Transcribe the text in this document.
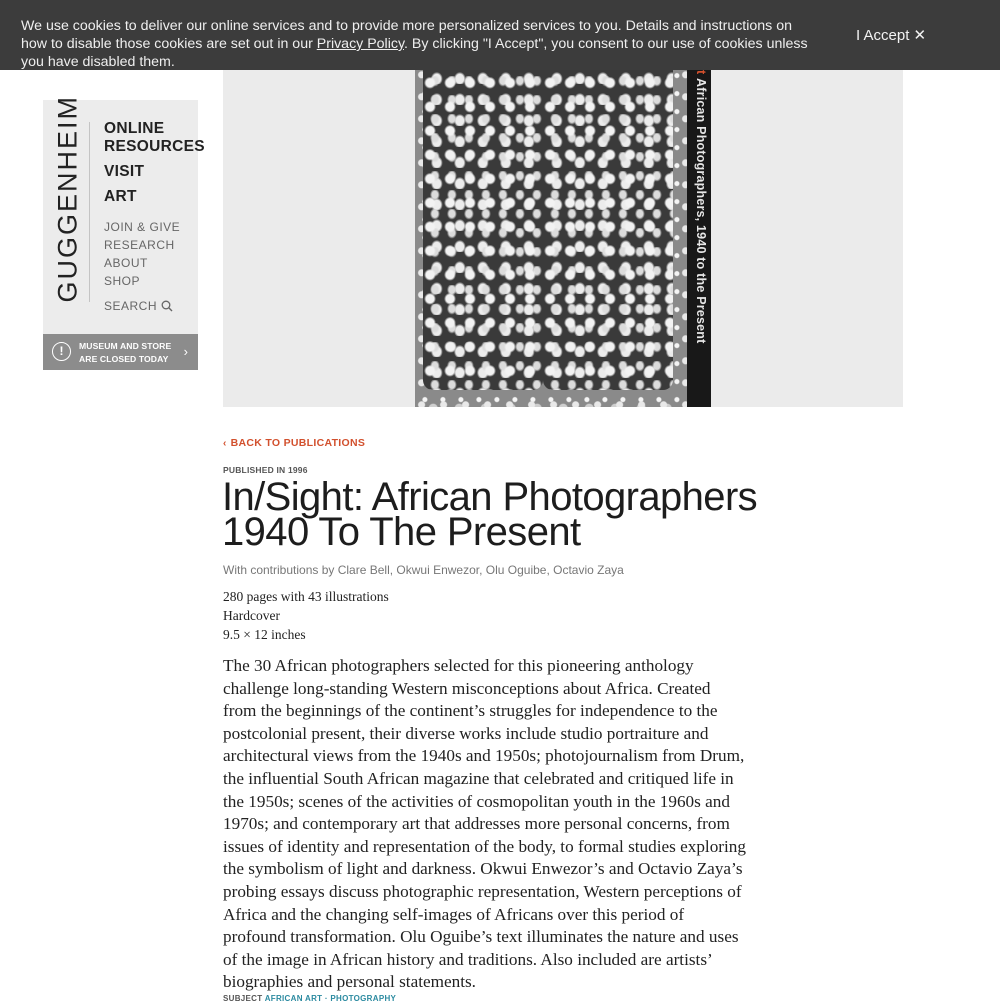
We use cookies to deliver our online services and to provide more personalized services to you. Details and instructions on how to disable those cookies are set out in our Privacy Policy. By clicking "I Accept", you consent to our use of cookies unless you have disabled them.
I Accept ✕
t African Photographers, 1940 to the Present
GUGGENHEIM ONLINE RESOURCES
VISIT
ART
JOIN & GIVE
RESEARCH
ABOUT
SHOP
SEARCH
!
MUSEUM AND STORE
ARE CLOSED TODAY ›
‹ BACK TO PUBLICATIONS
PUBLISHED IN 1996
In/Sight: African Photographers 1940 To The Present
With contributions by Clare Bell, Okwui Enwezor, Olu Oguibe, Octavio Zaya
280 pages with 43 illustrations
Hardcover
9.5 × 12 inches
The 30 African photographers selected for this pioneering anthology challenge long-standing Western misconceptions about Africa. Created from the beginnings of the continent’s struggles for independence to the postcolonial present, their diverse works include studio portraiture and architectural views from the 1940s and 1950s; photojournalism from Drum, the influential South African magazine that celebrated and critiqued life in the 1950s; scenes of the activities of cosmopolitan youth in the 1960s and 1970s; and contemporary art that addresses more personal concerns, from issues of identity and representation of the body, to formal studies exploring the symbolism of light and darkness. Okwui Enwezor’s and Octavio Zaya’s probing essays discuss photographic representation, Western perceptions of Africa and the changing self-images of Africans over this period of profound transformation. Olu Oguibe’s text illuminates the nature and uses of the image in African history and traditions. Also included are artists’ biographies and personal statements.
SUBJECT AFRICAN ART · PHOTOGRAPHY
